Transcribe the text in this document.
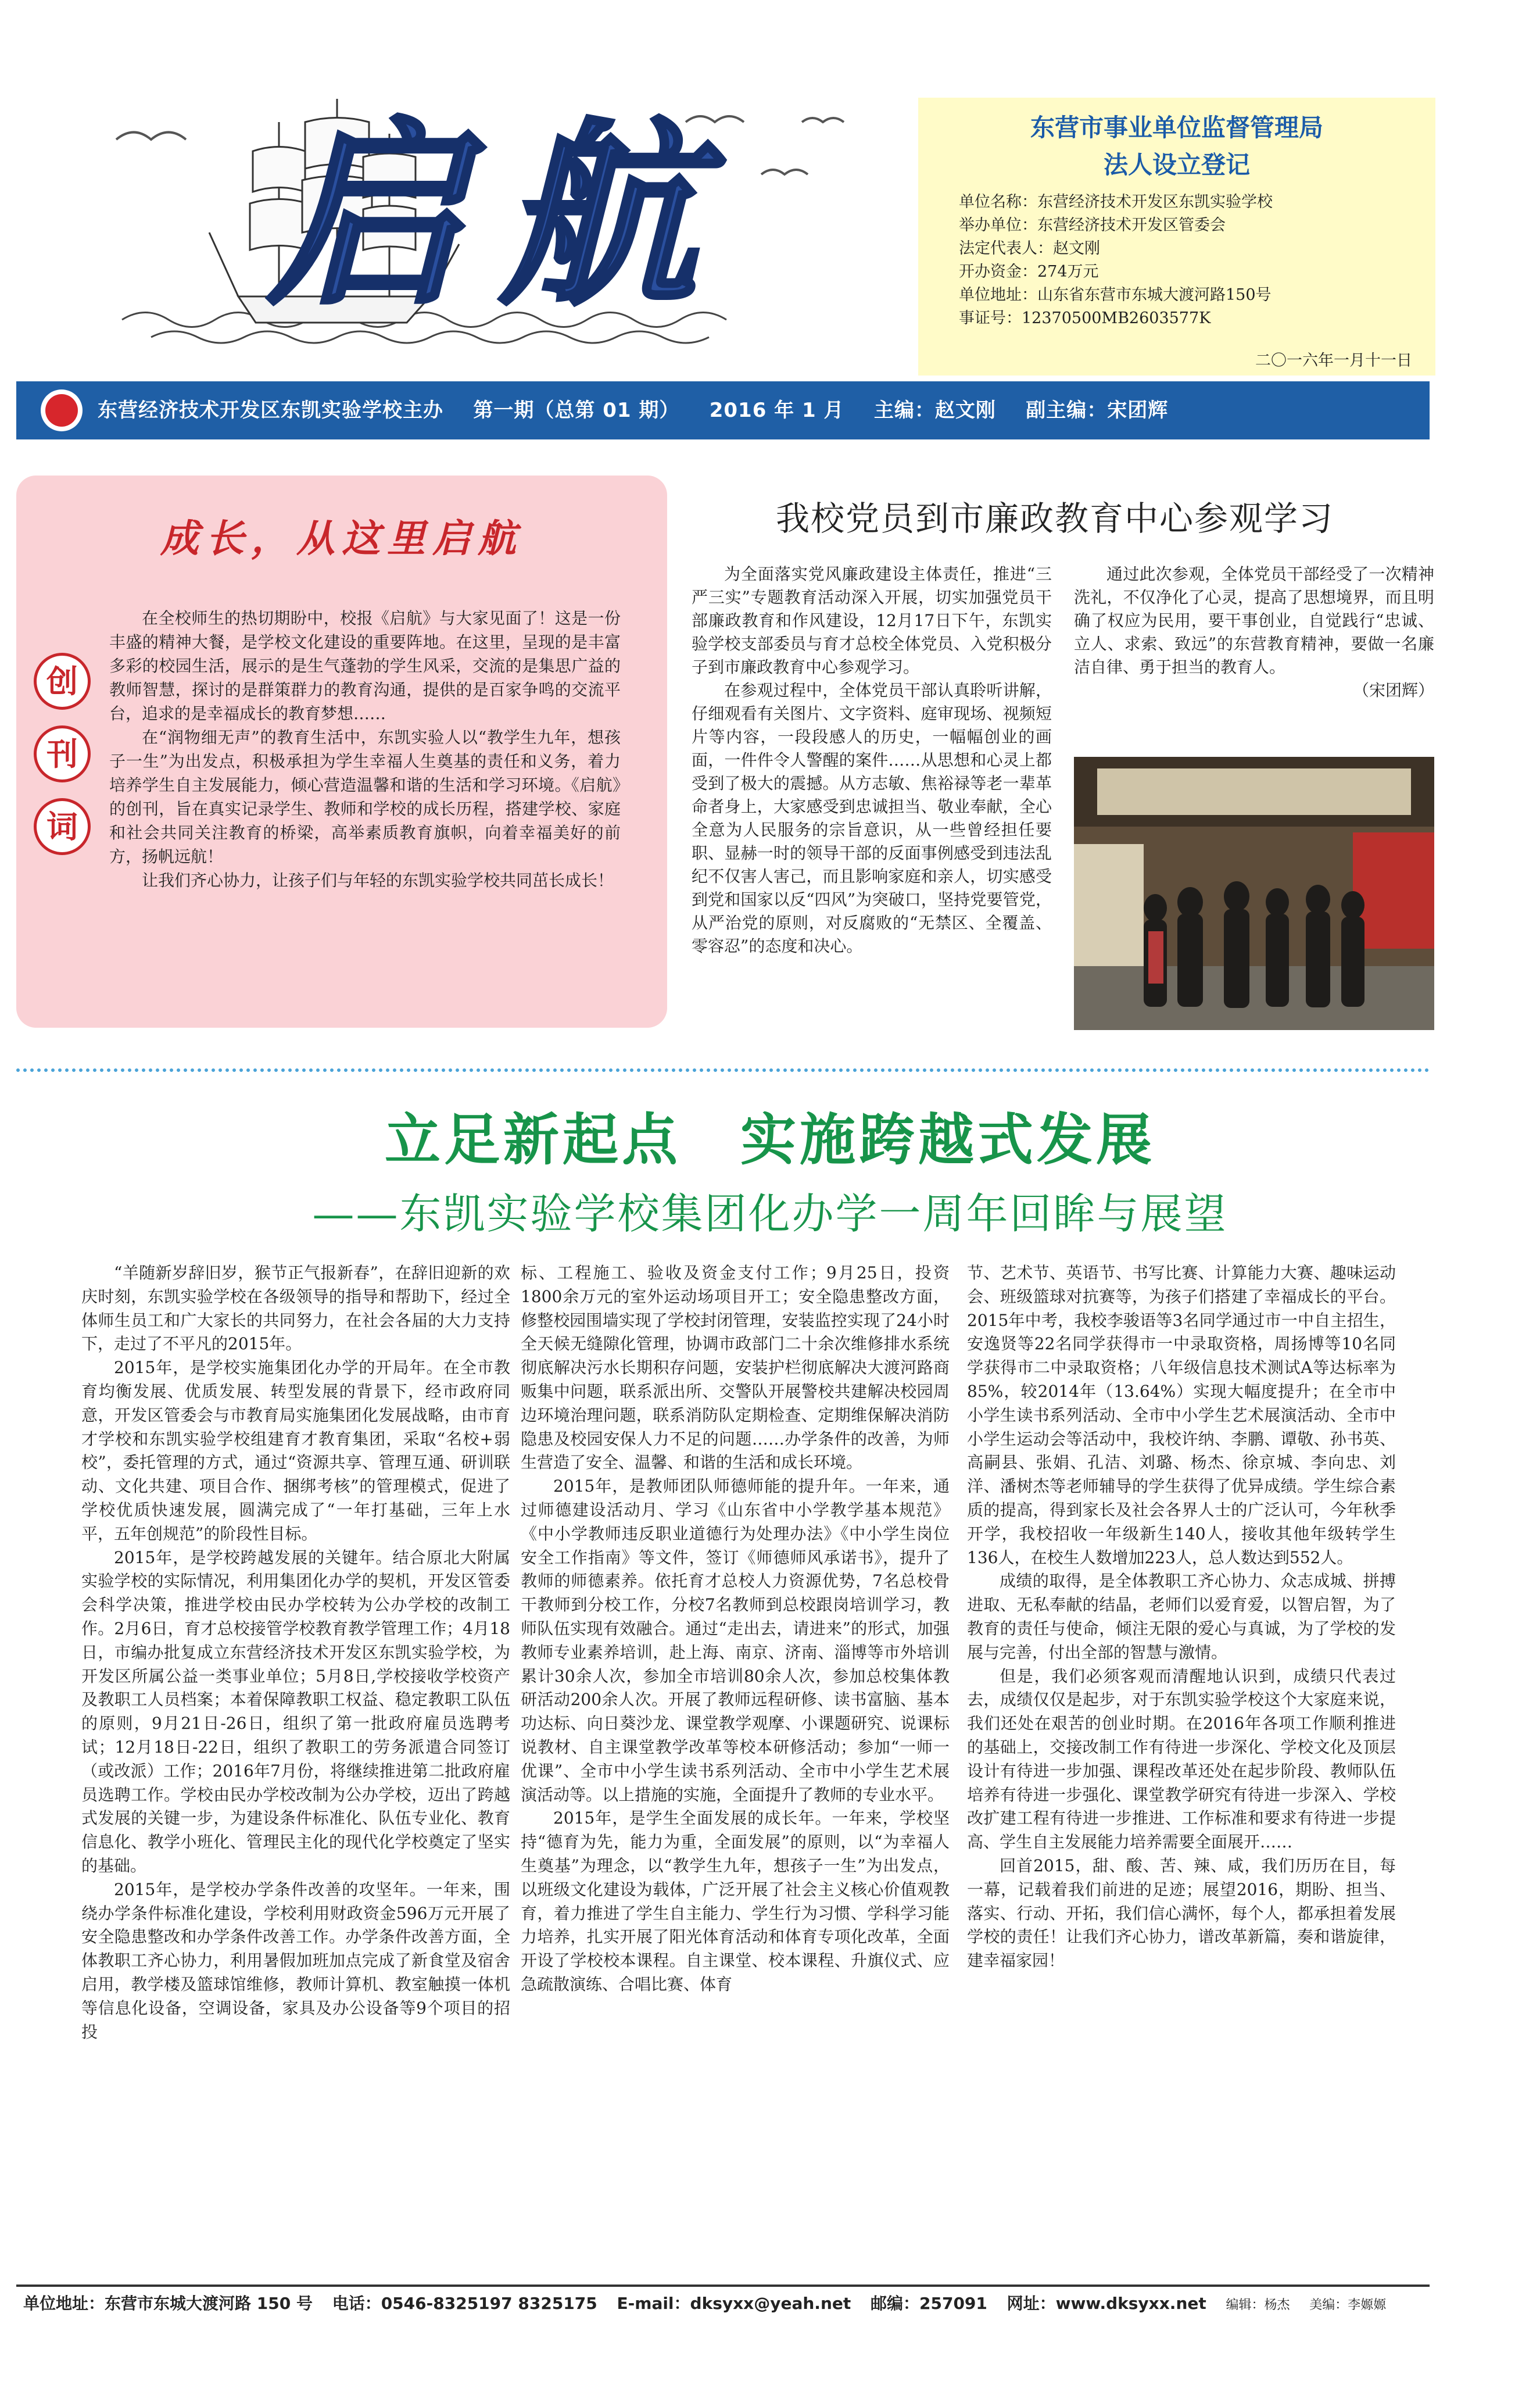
启航	东营市事业单位监督管理局
法人设立登记
单位名称：东营经济技术开发区东凯实验学校
举办单位：东营经济技术开发区管委会
法定代表人：赵文刚
开办资金：274万元
单位地址：山东省东营市东城大渡河路150号
事证号：12370500MB2603577K
二〇一六年一月十一日
东营经济技术开发区东凯实验学校主办 第一期（总第 01 期） 2016 年 1 月 主编：赵文刚 副主编：宋团辉
成长，从这里启航
创
刊
词

在全校师生的热切期盼中，校报《启航》与大家见面了！这是一份丰盛的精神大餐，是学校文化建设的重要阵地。在这里，呈现的是丰富多彩的校园生活，展示的是生气蓬勃的学生风采，交流的是集思广益的教师智慧，探讨的是群策群力的教育沟通，提供的是百家争鸣的交流平台，追求的是幸福成长的教育梦想……

在“润物细无声”的教育生活中，东凯实验人以“教学生九年，想孩子一生”为出发点，积极承担为学生幸福人生奠基的责任和义务，着力培养学生自主发展能力，倾心营造温馨和谐的生活和学习环境。《启航》的创刊，旨在真实记录学生、教师和学校的成长历程，搭建学校、家庭和社会共同关注教育的桥梁，高举素质教育旗帜，向着幸福美好的前方，扬帆远航！

让我们齐心协力，让孩子们与年轻的东凯实验学校共同茁长成长！

我校党员到市廉政教育中心参观学习

为全面落实党风廉政建设主体责任，推进“三严三实”专题教育活动深入开展，切实加强党员干部廉政教育和作风建设，12月17日下午，东凯实验学校支部委员与育才总校全体党员、入党积极分子到市廉政教育中心参观学习。

在参观过程中，全体党员干部认真聆听讲解，仔细观看有关图片、文字资料、庭审现场、视频短片等内容，一段段感人的历史，一幅幅创业的画面，一件件令人警醒的案件……从思想和心灵上都受到了极大的震撼。从方志敏、焦裕禄等老一辈革命者身上，大家感受到忠诚担当、敬业奉献，全心全意为人民服务的宗旨意识，从一些曾经担任要职、显赫一时的领导干部的反面事例感受到违法乱纪不仅害人害己，而且影响家庭和亲人，切实感受到党和国家以反“四风”为突破口，坚持党要管党，从严治党的原则，对反腐败的“无禁区、全覆盖、零容忍”的态度和决心。

通过此次参观，全体党员干部经受了一次精神洗礼，不仅净化了心灵，提高了思想境界，而且明确了权应为民用，要干事创业，自觉践行“忠诚、立人、求索、致远”的东营教育精神，要做一名廉洁自律、勇于担当的教育人。

（宋团辉）
立足新起点　实施跨越式发展
——东凯实验学校集团化办学一周年回眸与展望

“羊随新岁辞旧岁，猴节正气报新春”，在辞旧迎新的欢庆时刻，东凯实验学校在各级领导的指导和帮助下，经过全体师生员工和广大家长的共同努力，在社会各届的大力支持下，走过了不平凡的2015年。

2015年，是学校实施集团化办学的开局年。在全市教育均衡发展、优质发展、转型发展的背景下，经市政府同意，开发区管委会与市教育局实施集团化发展战略，由市育才学校和东凯实验学校组建育才教育集团，采取“名校+弱校”，委托管理的方式，通过“资源共享、管理互通、研训联动、文化共建、项目合作、捆绑考核”的管理模式，促进了学校优质快速发展，圆满完成了“一年打基础，三年上水平，五年创规范”的阶段性目标。

2015年，是学校跨越发展的关键年。结合原北大附属实验学校的实际情况，利用集团化办学的契机，开发区管委会科学决策，推进学校由民办学校转为公办学校的改制工作。2月6日，育才总校接管学校教育教学管理工作；4月18日，市编办批复成立东营经济技术开发区东凯实验学校，为开发区所属公益一类事业单位；5月8日,学校接收学校资产及教职工人员档案；本着保障教职工权益、稳定教职工队伍的原则，9月21日-26日，组织了第一批政府雇员选聘考试；12月18日-22日，组织了教职工的劳务派遣合同签订（或改派）工作；2016年7月份，将继续推进第二批政府雇员选聘工作。学校由民办学校改制为公办学校，迈出了跨越式发展的关键一步，为建设条件标准化、队伍专业化、教育信息化、教学小班化、管理民主化的现代化学校奠定了坚实的基础。

2015年，是学校办学条件改善的攻坚年。一年来，围绕办学条件标准化建设，学校利用财政资金596万元开展了安全隐患整改和办学条件改善工作。办学条件改善方面，全体教职工齐心协力，利用暑假加班加点完成了新食堂及宿舍启用，教学楼及篮球馆维修，教师计算机、教室触摸一体机等信息化设备，空调设备，家具及办公设备等9个项目的招投

标、工程施工、验收及资金支付工作；9月25日，投资1800余万元的室外运动场项目开工；安全隐患整改方面，修整校园围墙实现了学校封闭管理，安装监控实现了24小时全天候无缝隙化管理，协调市政部门二十余次维修排水系统彻底解决污水长期积存问题，安装护栏彻底解决大渡河路商贩集中问题，联系派出所、交警队开展警校共建解决校园周边环境治理问题，联系消防队定期检查、定期维保解决消防隐患及校园安保人力不足的问题……办学条件的改善，为师生营造了安全、温馨、和谐的生活和成长环境。

2015年，是教师团队师德师能的提升年。一年来，通过师德建设活动月、学习《山东省中小学教学基本规范》《中小学教师违反职业道德行为处理办法》《中小学生岗位安全工作指南》等文件，签订《师德师风承诺书》，提升了教师的师德素养。依托育才总校人力资源优势，7名总校骨干教师到分校工作，分校7名教师到总校跟岗培训学习，教师队伍实现有效融合。通过“走出去，请进来”的形式，加强教师专业素养培训，赴上海、南京、济南、淄博等市外培训累计30余人次，参加全市培训80余人次，参加总校集体教研活动200余人次。开展了教师远程研修、读书富脑、基本功达标、向日葵沙龙、课堂教学观摩、小课题研究、说课标说教材、自主课堂教学改革等校本研修活动；参加“一师一优课”、全市中小学生读书系列活动、全市中小学生艺术展演活动等。以上措施的实施，全面提升了教师的专业水平。

2015年，是学生全面发展的成长年。一年来，学校坚持“德育为先，能力为重，全面发展”的原则，以“为幸福人生奠基”为理念，以“教学生九年，想孩子一生”为出发点，以班级文化建设为载体，广泛开展了社会主义核心价值观教育，着力推进了学生自主能力、学生行为习惯、学科学习能力培养，扎实开展了阳光体育活动和体育专项化改革，全面开设了学校校本课程。自主课堂、校本课程、升旗仪式、应急疏散演练、合唱比赛、体育

节、艺术节、英语节、书写比赛、计算能力大赛、趣味运动会、班级篮球对抗赛等，为孩子们搭建了幸福成长的平台。2015年中考，我校李骏语等3名同学通过市一中自主招生，安逸贤等22名同学获得市一中录取资格，周扬博等10名同学获得市二中录取资格；八年级信息技术测试A等达标率为85%，较2014年（13.64%）实现大幅度提升；在全市中小学生读书系列活动、全市中小学生艺术展演活动、全市中小学生运动会等活动中，我校许纳、李鹏、谭敬、孙书英、高嗣县、张娟、孔洁、刘璐、杨杰、徐京城、李向忠、刘洋、潘树杰等老师辅导的学生获得了优异成绩。学生综合素质的提高，得到家长及社会各界人士的广泛认可，今年秋季开学，我校招收一年级新生140人，接收其他年级转学生136人，在校生人数增加223人，总人数达到552人。

成绩的取得，是全体教职工齐心协力、众志成城、拼搏进取、无私奉献的结晶，老师们以爱育爱，以智启智，为了教育的责任与使命，倾注无限的爱心与真诚，为了学校的发展与完善，付出全部的智慧与激情。

但是，我们必须客观而清醒地认识到，成绩只代表过去，成绩仅仅是起步，对于东凯实验学校这个大家庭来说，我们还处在艰苦的创业时期。在2016年各项工作顺利推进的基础上，交接改制工作有待进一步深化、学校文化及顶层设计有待进一步加强、课程改革还处在起步阶段、教师队伍培养有待进一步强化、课堂教学研究有待进一步深入、学校改扩建工程有待进一步推进、工作标准和要求有待进一步提高、学生自主发展能力培养需要全面展开……

回首2015，甜、酸、苦、辣、咸，我们历历在目，每一幕，记载着我们前进的足迹；展望2016，期盼、担当、落实、行动、开拓，我们信心满怀，每个人，都承担着发展学校的责任！让我们齐心协力，谱改革新篇，奏和谐旋律，建幸福家园！

单位地址：东营市东城大渡河路 150 号 电话：0546-8325197 8325175 E-mail：dksyxx@yeah.net 邮编：257091 网址：www.dksyxx.net 编辑：杨杰 美编：李嫄嫄
